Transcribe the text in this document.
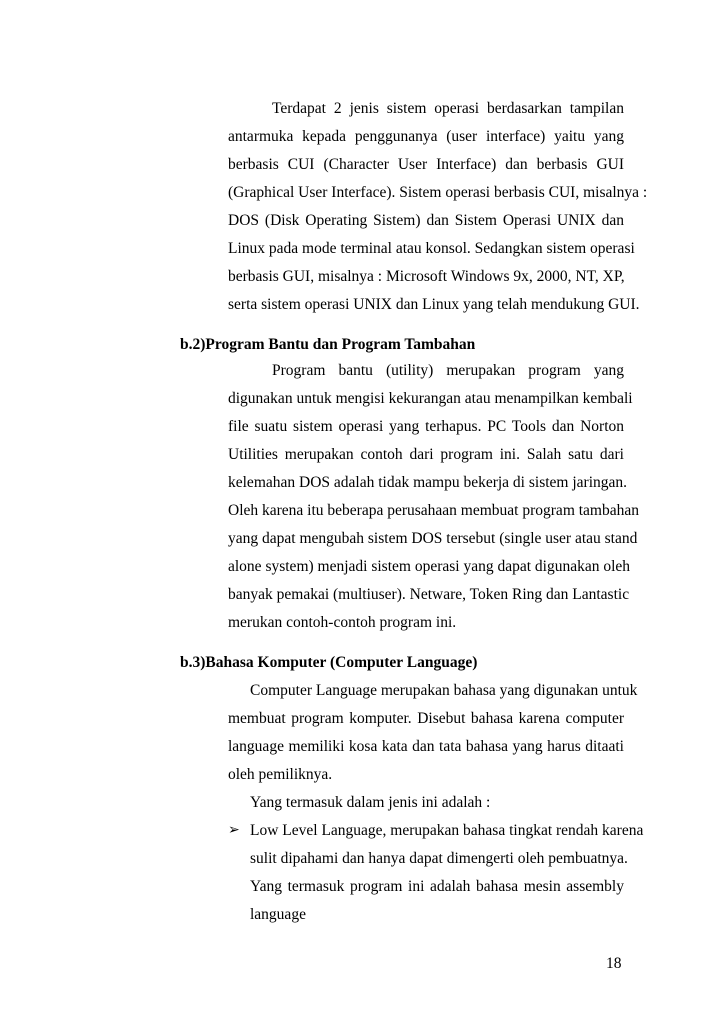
Terdapat 2 jenis sistem operasi berdasarkan tampilan
antarmuka kepada penggunanya (user interface) yaitu yang
berbasis CUI (Character User Interface) dan berbasis GUI
(Graphical User Interface). Sistem operasi berbasis CUI, misalnya :
DOS (Disk Operating Sistem) dan Sistem Operasi UNIX dan
Linux pada mode terminal atau konsol. Sedangkan sistem operasi
berbasis GUI, misalnya : Microsoft Windows 9x, 2000, NT, XP,
serta sistem operasi UNIX dan Linux yang telah mendukung GUI.
b.2)Program Bantu dan Program Tambahan
Program bantu (utility) merupakan program yang
digunakan untuk mengisi kekurangan atau menampilkan kembali
file suatu sistem operasi yang terhapus. PC Tools dan Norton
Utilities merupakan contoh dari program ini. Salah satu dari
kelemahan DOS adalah tidak mampu bekerja di sistem jaringan.
Oleh karena itu beberapa perusahaan membuat program tambahan
yang dapat mengubah sistem DOS tersebut (single user atau stand
alone system) menjadi sistem operasi yang dapat digunakan oleh
banyak pemakai (multiuser). Netware, Token Ring dan Lantastic
merukan contoh-contoh program ini.
b.3)Bahasa Komputer (Computer Language)
Computer Language merupakan bahasa yang digunakan untuk
membuat program komputer. Disebut bahasa karena computer
language memiliki kosa kata dan tata bahasa yang harus ditaati
oleh pemiliknya.
Yang termasuk dalam jenis ini adalah :
➢ Low Level Language, merupakan bahasa tingkat rendah karena
sulit dipahami dan hanya dapat dimengerti oleh pembuatnya.
Yang termasuk program ini adalah bahasa mesin assembly
language
18
